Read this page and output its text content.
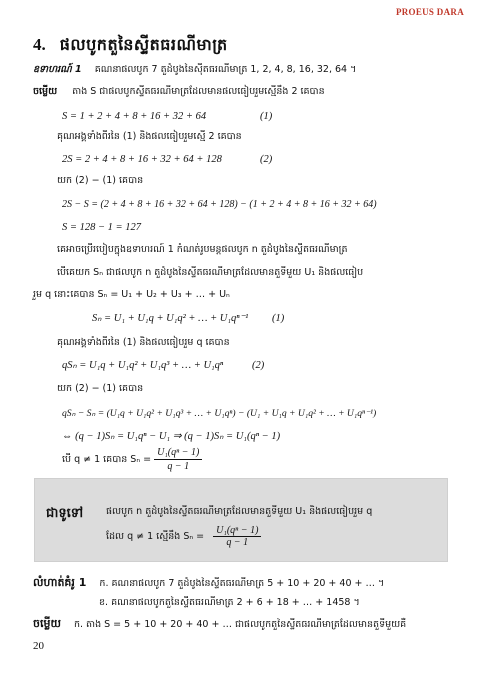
PROEUS DARA
4. ផលបូកតួនៃស្ទីតធរណីមាត្រ
ឧទាហរណ៍ 1 គណនាផលបូក 7 តួដំបូងនៃស៊ីតធរណីមាត្រ 1, 2, 4, 8, 16, 32, 64 ។
ចម្លើយ តាង S ជាផលបូកស្ទីតធរណីមាត្រដែលមានផលធៀបរួមស្មើនឹង 2 គេបាន
S = 1 + 2 + 4 + 8 + 16 + 32 + 64	(1)
គុណអង្គទាំងពីរនៃ (1) និងផលធៀបរួមស្មើ 2 គេបាន
2S = 2 + 4 + 8 + 16 + 32 + 64 + 128	(2)
យក (2) − (1) គេបាន
2S − S = (2 + 4 + 8 + 16 + 32 + 64 + 128) − (1 + 2 + 4 + 8 + 16 + 32 + 64)
S = 128 − 1 = 127
គេអាចប្រើរបៀបក្នុងឧទាហរណ៍ 1 កំណត់រូបមន្តផលបូក n តួដំបូងនៃស្ទីតធរណីមាត្រ
បើគេយក Sₙ ជាផលបូក n តួដំបូងនៃស្ទីតធរណីមាត្រដែលមានតួទីមួយ U₁ និងផលធៀប
រួម q នោះគេបាន Sₙ = U₁ + U₂ + U₃ + … + Uₙ
Sₙ = U₁ + U₁q + U₁q² + … + U₁qⁿ⁻¹ (1)
គុណអង្គទាំងពីរនៃ (1) និងផលធៀបរួម q គេបាន
qSₙ = U₁q + U₁q² + U₁q³ + … + U₁qⁿ	(2)
យក (2) − (1) គេបាន
qSₙ − Sₙ = (U₁q + U₁q² + U₁q³ + … + U₁qⁿ) − (U₁ + U₁q + U₁q² + … + U₁qⁿ⁻¹)
⇔ (q − 1)Sₙ = U₁qⁿ − U₁ ⇒ (q − 1)Sₙ = U₁(qⁿ − 1)
បើ q ≠ 1 គេបាន $S_n = \frac{\text{U₁(qⁿ − 1)}}{q - 1}$
ជាទូទៅ ផលបូក n តួដំបូងនៃស្ទីតធរណីមាត្រដែលមានតួទីមួយ U₁ និងផលធៀបរួម q
ដែល q ≠ 1 ស្មើនឹង $S_n = \frac{\text{U₁(qⁿ − 1)}}{q - 1}$
លំហាត់គំរូ 1 ក. គណនាផលបូក 7 តួដំបូងនៃស្ទីតធរណីមាត្រ 5 + 10 + 20 + 40 + … ។
ខ. គណនាផលបូកតួនៃស្ទីតធរណីមាត្រ 2 + 6 + 18 + … + 1458 ។
ចម្លើយ ក. តាង S = 5 + 10 + 20 + 40 + … ជាផលបូកតួនៃស្ទីតធរណីមាត្រដែលមានតួទីមួយគឺ
20
